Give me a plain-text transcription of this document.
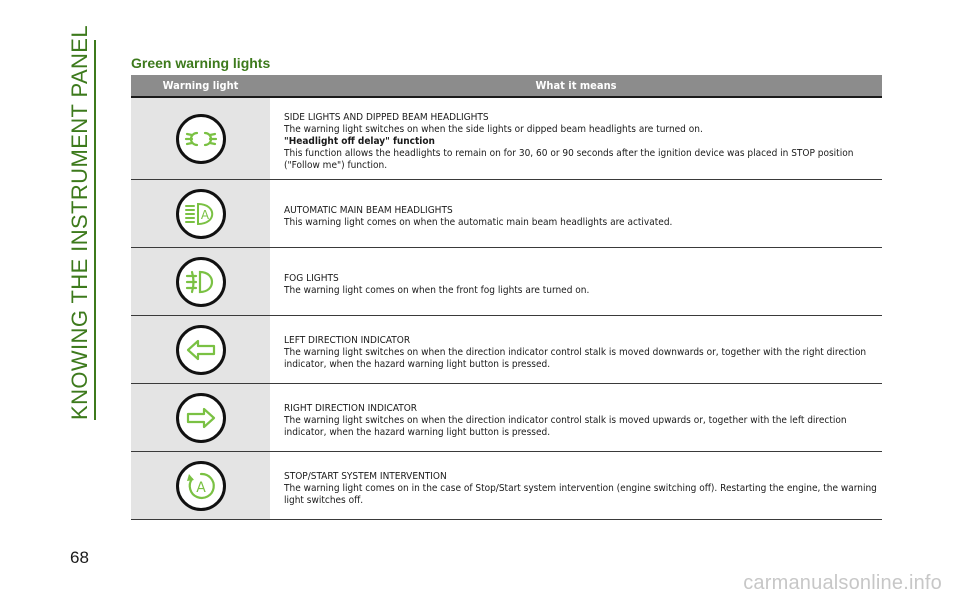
KNOWING THE INSTRUMENT PANEL
68
Green warning lights
Warning light	What it means
SIDE LIGHTS AND DIPPED BEAM HEADLIGHTS
The warning light switches on when the side lights or dipped beam headlights are turned on.
"Headlight off delay" function
This function allows the headlights to remain on for 30, 60 or 90 seconds after the ignition device was placed in STOP position ("Follow me") function.
A	AUTOMATIC MAIN BEAM HEADLIGHTS
This warning light comes on when the automatic main beam headlights are activated.
FOG LIGHTS
The warning light comes on when the front fog lights are turned on.
LEFT DIRECTION INDICATOR
The warning light switches on when the direction indicator control stalk is moved downwards or, together with the right direction indicator, when the hazard warning light button is pressed.
RIGHT DIRECTION INDICATOR
The warning light switches on when the direction indicator control stalk is moved upwards or, together with the left direction indicator, when the hazard warning light button is pressed.
A
STOP/START SYSTEM INTERVENTION
The warning light comes on in the case of Stop/Start system intervention (engine switching off). Restarting the engine, the warning light switches off.
carmanualsonline.info
